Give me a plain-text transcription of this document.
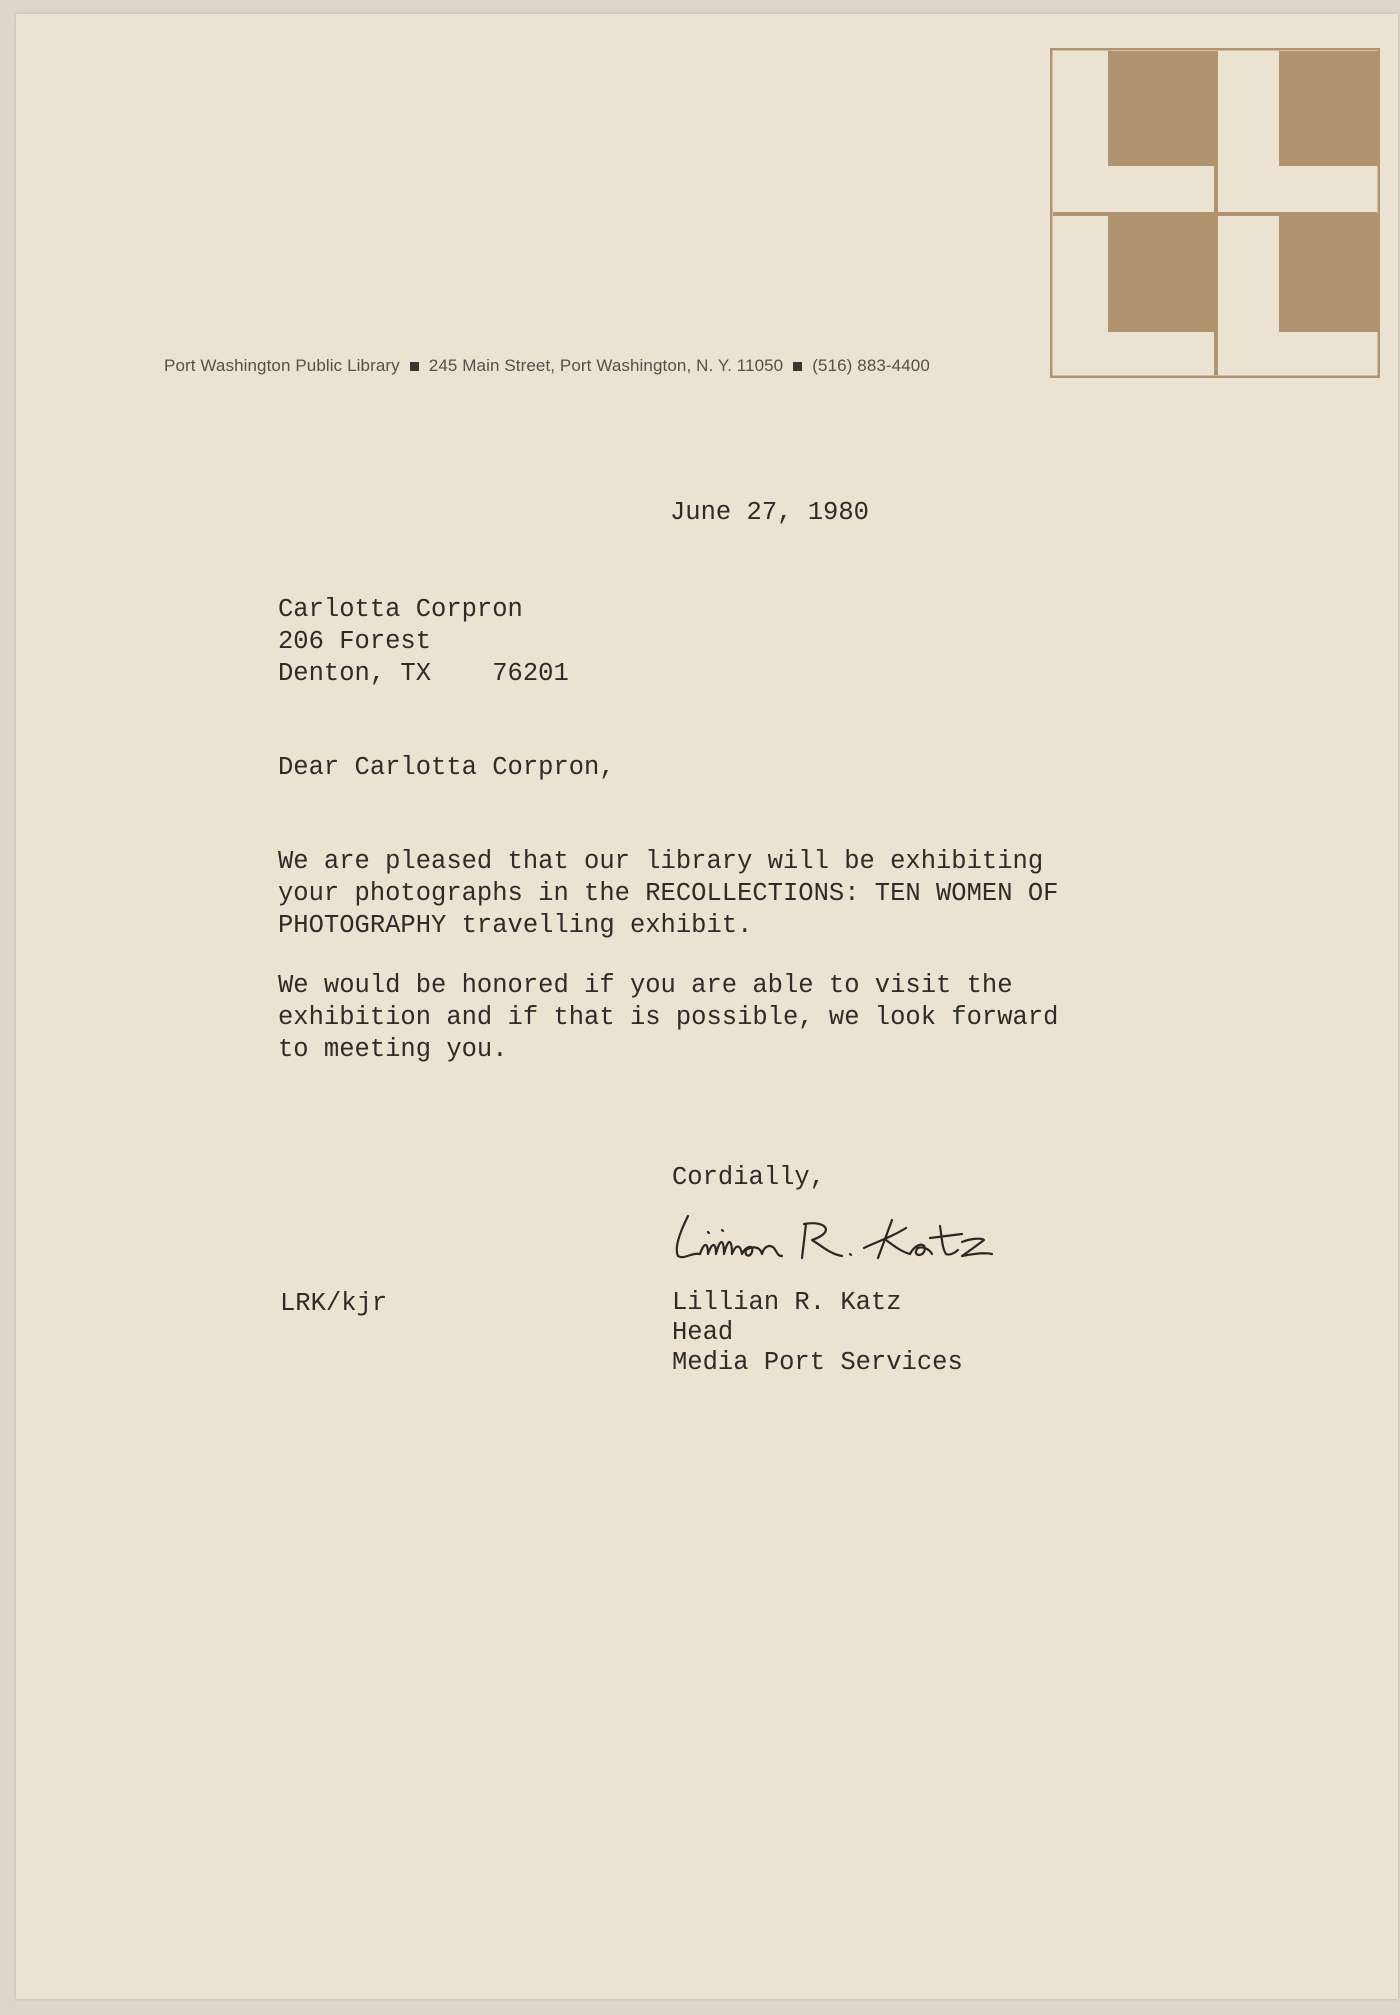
Port Washington Public Library 245 Main Street, Port Washington, N. Y. 11050 (516) 883-4400
June 27, 1980
Carlotta Corpron
206 Forest
Denton, TX    76201
Dear Carlotta Corpron,
We are pleased that our library will be exhibiting
your photographs in the RECOLLECTIONS: TEN WOMEN OF
PHOTOGRAPHY travelling exhibit.
We would be honored if you are able to visit the
exhibition and if that is possible, we look forward
to meeting you.
Cordially,
LRK/kjr	Lillian R. Katz
Head
Media Port Services
